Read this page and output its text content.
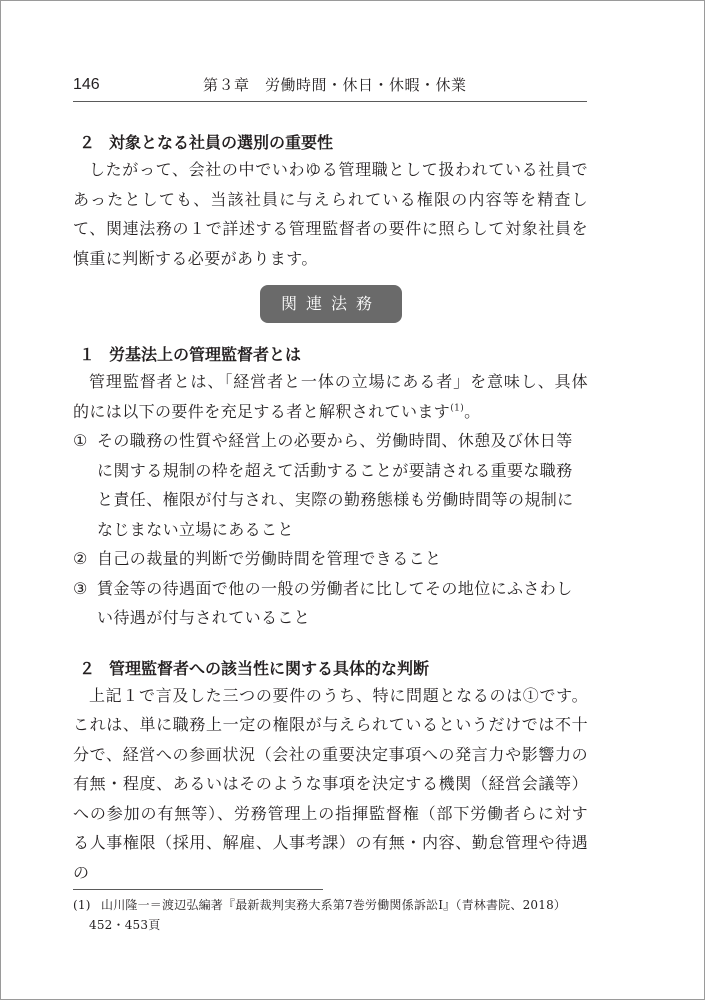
146	第３章　労働時間・休日・休暇・休業
２ 対象となる社員の選別の重要性

したがって、会社の中でいわゆる管理職として扱われている社員であったとしても、当該社員に与えられている権限の内容等を精査して、関連法務の１で詳述する管理監督者の要件に照らして対象社員を慎重に判断する必要があります。

関連法務
１ 労基法上の管理監督者とは

管理監督者とは、「経営者と一体の立場にある者」を意味し、具体的には以下の要件を充足する者と解釈されています$^{(1)}$。

① その職務の性質や経営上の必要から、労働時間、休憩及び休日等に関する規制の枠を超えて活動することが要請される重要な職務と責任、権限が付与され、実際の勤務態様も労働時間等の規制になじまない立場にあること
② 自己の裁量的判断で労働時間を管理できること
③ 賃金等の待遇面で他の一般の労働者に比してその地位にふさわしい待遇が付与されていること
２ 管理監督者への該当性に関する具体的な判断

上記１で言及した三つの要件のうち、特に問題となるのは①です。これは、単に職務上一定の権限が与えられているというだけでは不十分で、経営への参画状況（会社の重要決定事項への発言力や影響力の有無・程度、あるいはそのような事項を決定する機関（経営会議等）への参加の有無等）、労務管理上の指揮監督権（部下労働者らに対する人事権限（採用、解雇、人事考課）の有無・内容、勤怠管理や待遇の

(1) 山川隆一＝渡辺弘編著『最新裁判実務大系第7巻労働関係訴訟Ⅰ』（青林書院、2018）
452・453頁
